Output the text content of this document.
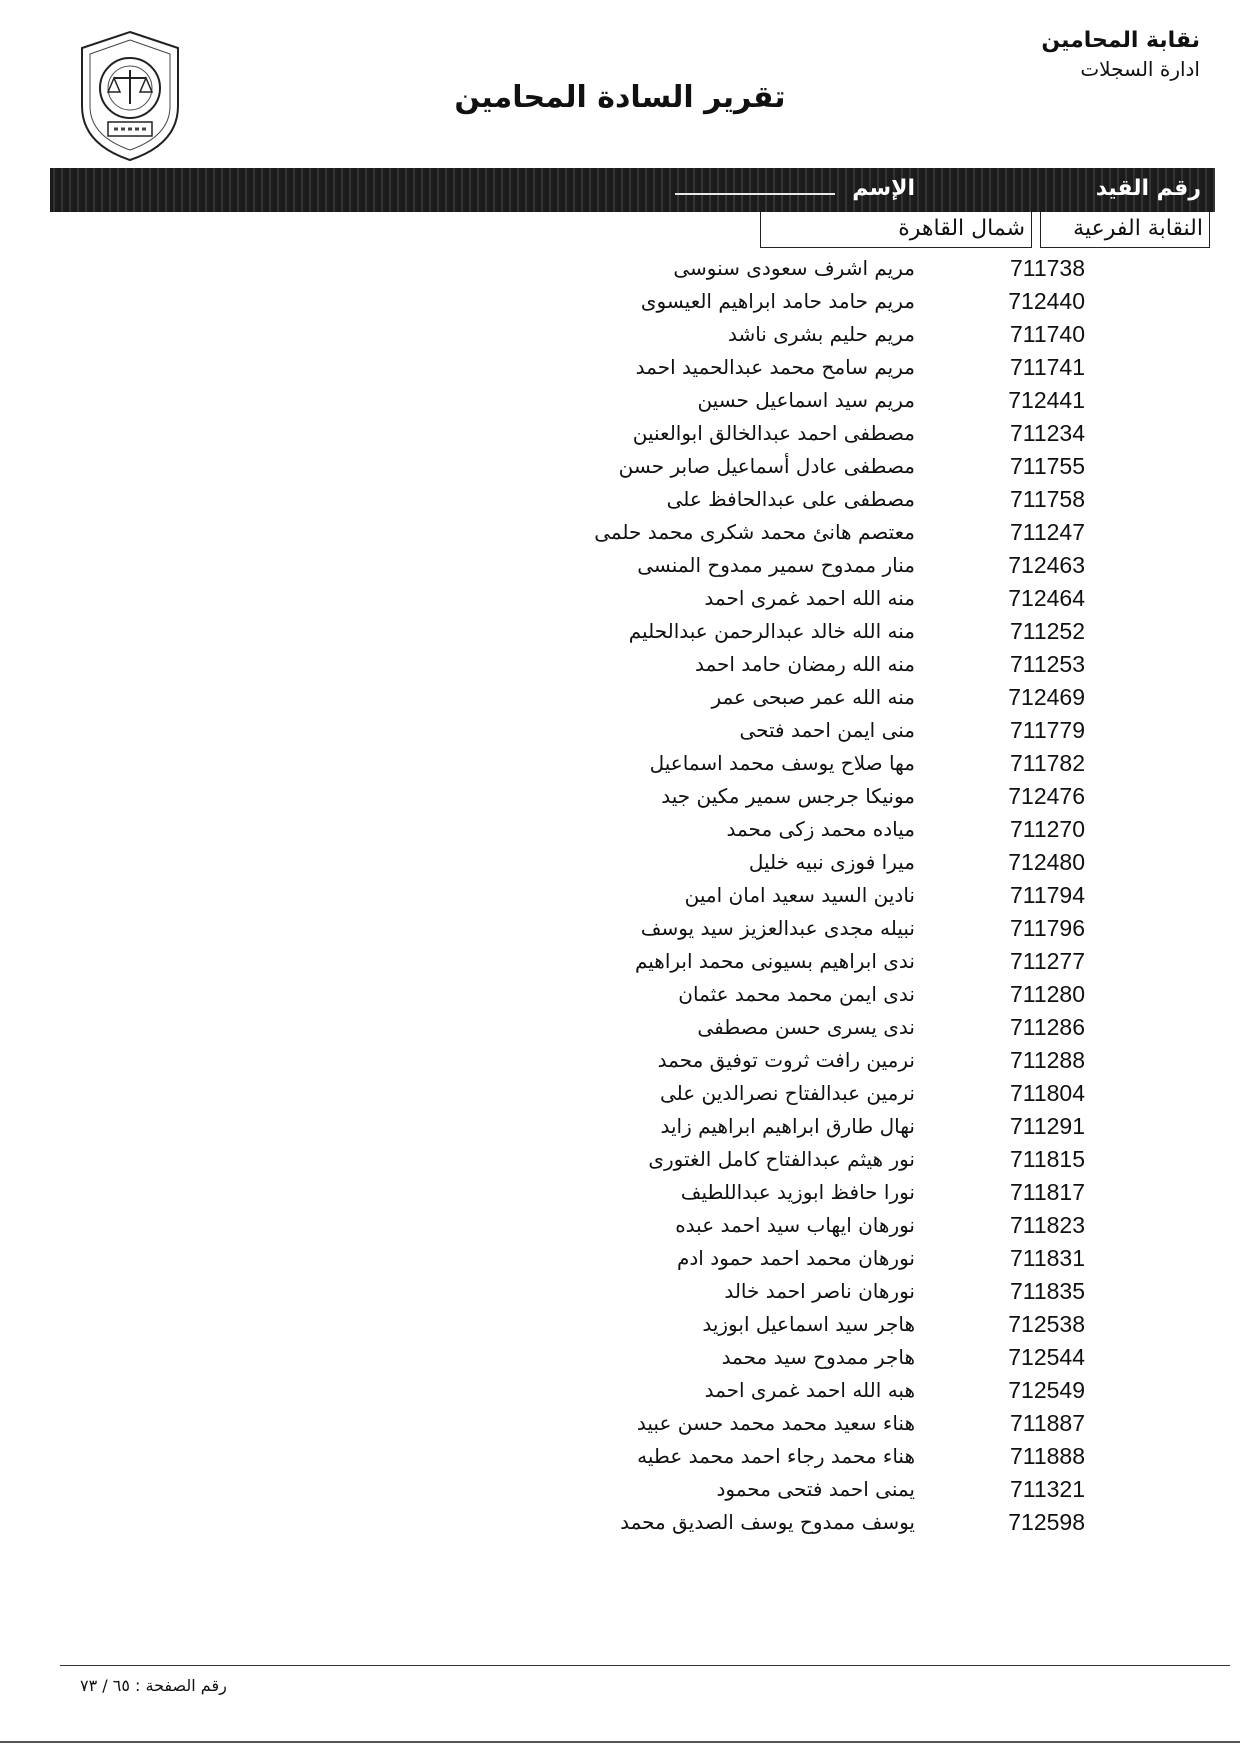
نقابة المحامين
ادارة السجلات
تقرير السادة المحامين
رقم القيد
الإسم
النقابة الفرعية
شمال القاهرة
711738
مريم اشرف سعودى سنوسى
712440
مريم حامد حامد ابراهيم العيسوى
711740
مريم حليم بشرى ناشد
711741
مريم سامح محمد عبدالحميد احمد
712441
مريم سيد اسماعيل حسين
711234
مصطفى احمد عبدالخالق ابوالعنين
711755
مصطفى عادل أسماعيل صابر حسن
711758
مصطفى على عبدالحافظ على
711247
معتصم هانئ محمد شكرى محمد حلمى
712463
منار ممدوح سمير ممدوح المنسى
712464
منه الله احمد غمرى احمد
711252
منه الله خالد عبدالرحمن عبدالحليم
711253
منه الله رمضان حامد احمد
712469
منه الله عمر صبحى عمر
711779
منى ايمن احمد فتحى
711782
مها صلاح يوسف محمد اسماعيل
712476
مونيكا جرجس سمير مكين جيد
711270
مياده محمد زكى محمد
712480
ميرا فوزى نبيه خليل
711794
نادين السيد سعيد امان امين
711796
نبيله مجدى عبدالعزيز سيد يوسف
711277
ندى ابراهيم بسيونى محمد ابراهيم
711280
ندى ايمن محمد محمد عثمان
711286
ندى يسرى حسن مصطفى
711288
نرمين رافت ثروت توفيق محمد
711804
نرمين عبدالفتاح نصرالدين على
711291
نهال طارق ابراهيم ابراهيم زايد
711815
نور هيثم عبدالفتاح كامل الغتورى
711817
نورا حافظ ابوزيد عبداللطيف
711823
نورهان ايهاب سيد احمد عبده
711831
نورهان محمد احمد حمود ادم
711835
نورهان ناصر احمد خالد
712538
هاجر سيد اسماعيل ابوزيد
712544
هاجر ممدوح سيد محمد
712549
هبه الله احمد غمرى احمد
711887
هناء سعيد محمد محمد حسن عبيد
711888
هناء محمد رجاء احمد محمد عطيه
711321
يمنى احمد فتحى محمود
712598
يوسف ممدوح يوسف الصديق محمد
رقم الصفحة : ٦٥ / ٧٣
